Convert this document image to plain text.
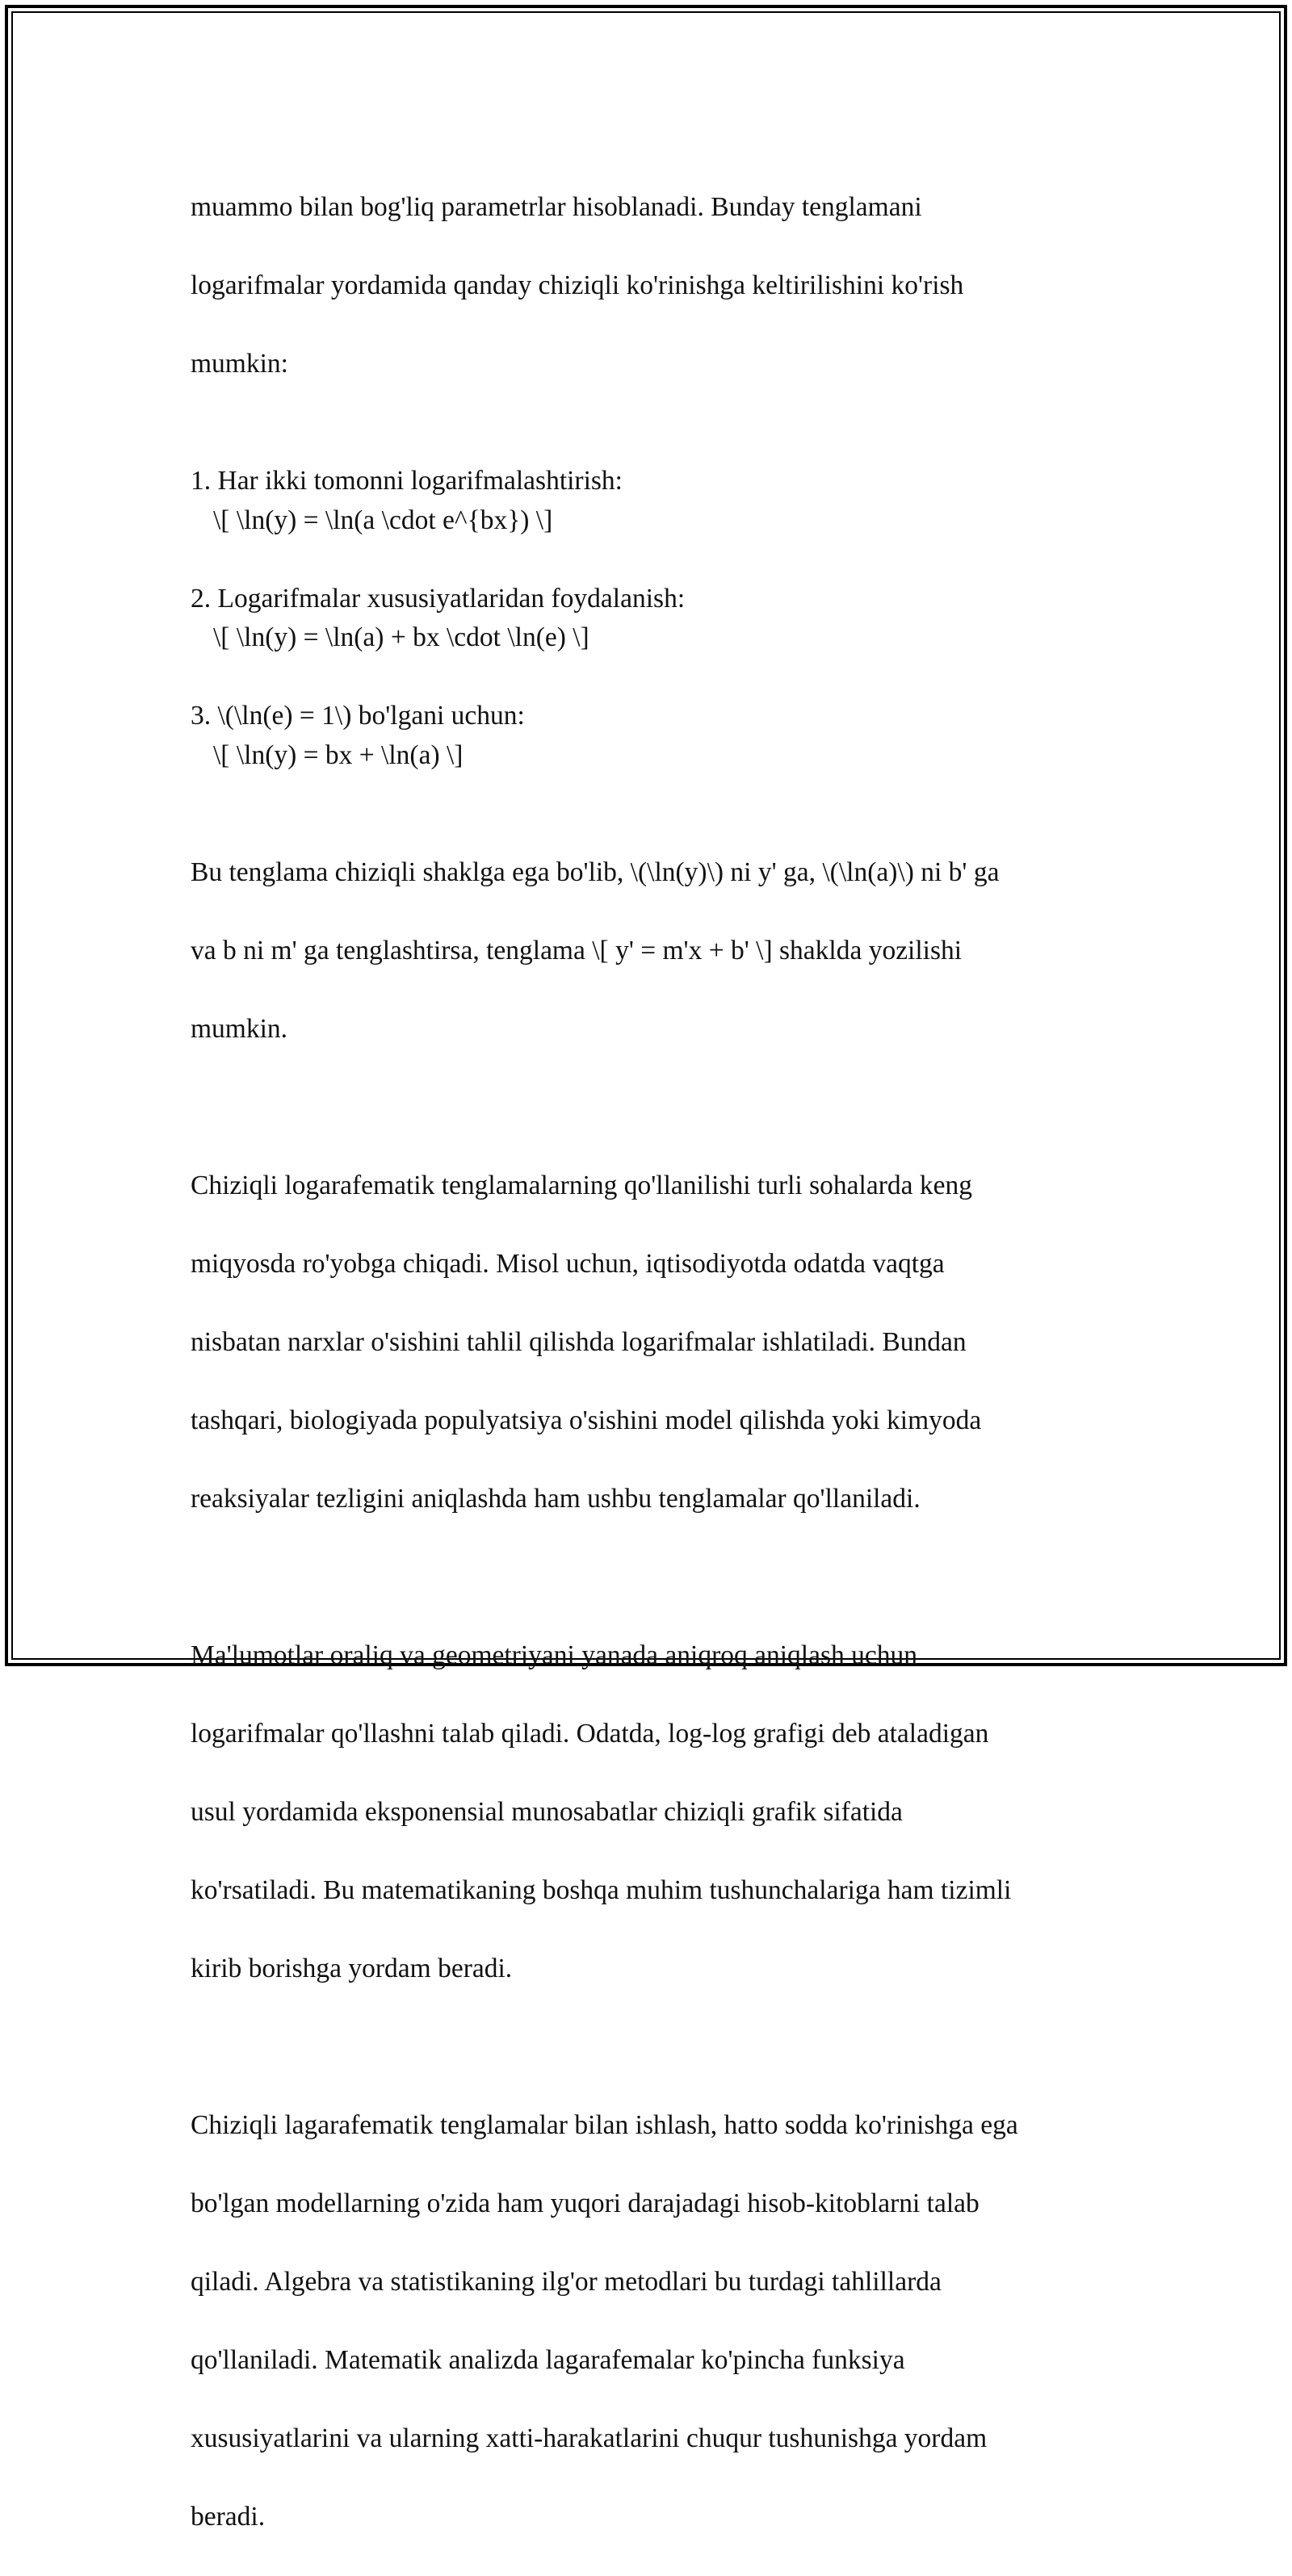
muammo bilan bog'liq parametrlar hisoblanadi. Bunday tenglamani

logarifmalar yordamida qanday chiziqli ko'rinishga keltirilishini ko'rish

mumkin:

1. Har ikki tomonni logarifmalashtirish:
\[ \ln(y) = \ln(a \cdot e^{bx}) \]
2. Logarifmalar xususiyatlaridan foydalanish:
\[ \ln(y) = \ln(a) + bx \cdot \ln(e) \]
3. \(\ln(e) = 1\) bo'lgani uchun:
\[ \ln(y) = bx + \ln(a) \]

Bu tenglama chiziqli shaklga ega bo'lib, \(\ln(y)\) ni y' ga, \(\ln(a)\) ni b' ga

va b ni m' ga tenglashtirsa, tenglama \[ y' = m'x + b' \] shaklda yozilishi

mumkin.

Chiziqli logarafematik tenglamalarning qo'llanilishi turli sohalarda keng

miqyosda ro'yobga chiqadi. Misol uchun, iqtisodiyotda odatda vaqtga

nisbatan narxlar o'sishini tahlil qilishda logarifmalar ishlatiladi. Bundan

tashqari, biologiyada populyatsiya o'sishini model qilishda yoki kimyoda

reaksiyalar tezligini aniqlashda ham ushbu tenglamalar qo'llaniladi.

Ma'lumotlar oraliq va geometriyani yanada aniqroq aniqlash uchun

logarifmalar qo'llashni talab qiladi. Odatda, log-log grafigi deb ataladigan

usul yordamida eksponensial munosabatlar chiziqli grafik sifatida

ko'rsatiladi. Bu matematikaning boshqa muhim tushunchalariga ham tizimli

kirib borishga yordam beradi.

Chiziqli lagarafematik tenglamalar bilan ishlash, hatto sodda ko'rinishga ega

bo'lgan modellarning o'zida ham yuqori darajadagi hisob-kitoblarni talab

qiladi. Algebra va statistikaning ilg'or metodlari bu turdagi tahlillarda

qo'llaniladi. Matematik analizda lagarafemalar ko'pincha funksiya

xususiyatlarini va ularning xatti-harakatlarini chuqur tushunishga yordam

beradi.
